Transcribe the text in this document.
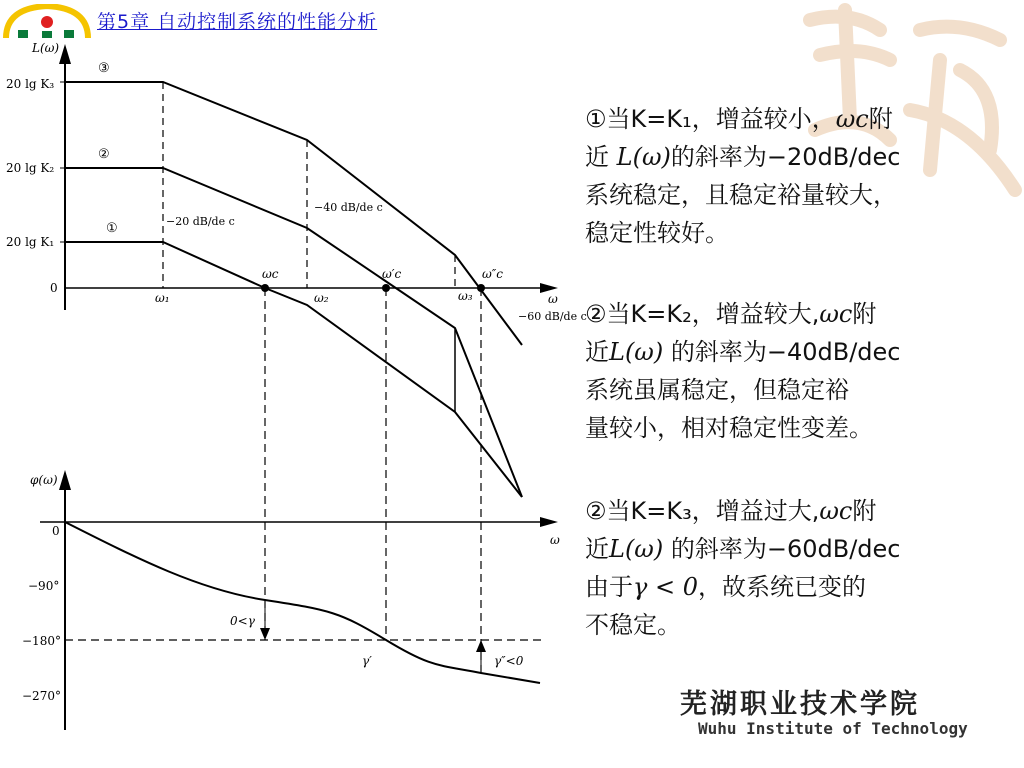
第5章 自动控制系统的性能分析
L(ω)
20 lg K₃
20 lg K₂
20 lg K₁
0
③
②
①
ω₁	ω₂	ω₃
ωc	ω′c	ω″c
ω
−20 dB/de c
−40 dB/de c
−60 dB/de c
φ(ω)
ω
0
−90°
−180°
−270°
0<γ
γ′	γ″<0

①当K=K₁，增益较小，ωc附

近 L(ω)的斜率为−20dB/dec

系统稳定，且稳定裕量较大，

稳定性较好。

②当K=K₂，增益较大,ωc附

近L(ω) 的斜率为−40dB/dec

系统虽属稳定，但稳定裕

量较小，相对稳定性变差。

②当K=K₃，增益过大,ωc附

近L(ω) 的斜率为−60dB/dec

由于γ < 0，故系统已变的

不稳定。

芜湖职业技术学院
Wuhu Institute of Technology
